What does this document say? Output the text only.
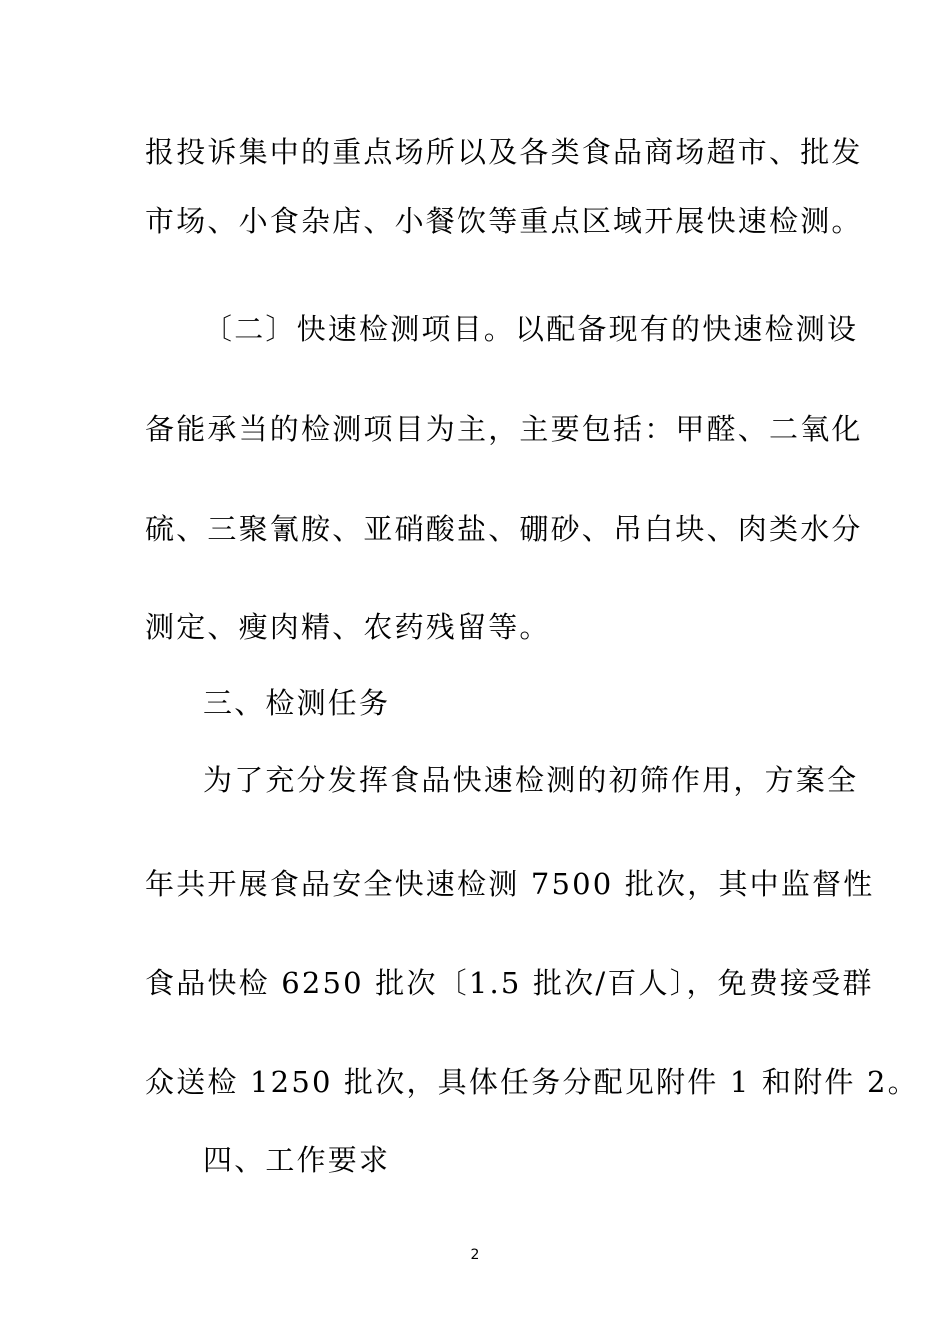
报投诉集中的重点场所以及各类食品商场超市、批发
市场、小食杂店、小餐饮等重点区域开展快速检测。
〔二〕快速检测项目。以配备现有的快速检测设
备能承当的检测项目为主，主要包括：甲醛、二氧化
硫、三聚氰胺、亚硝酸盐、硼砂、吊白块、肉类水分
测定、瘦肉精、农药残留等。
三、检测任务
为了充分发挥食品快速检测的初筛作用，方案全
年共开展食品安全快速检测 7500 批次，其中监督性
食品快检 6250 批次〔1.5 批次/百人〕，免费接受群
众送检 1250 批次，具体任务分配见附件 1 和附件 2。
四、工作要求
2
